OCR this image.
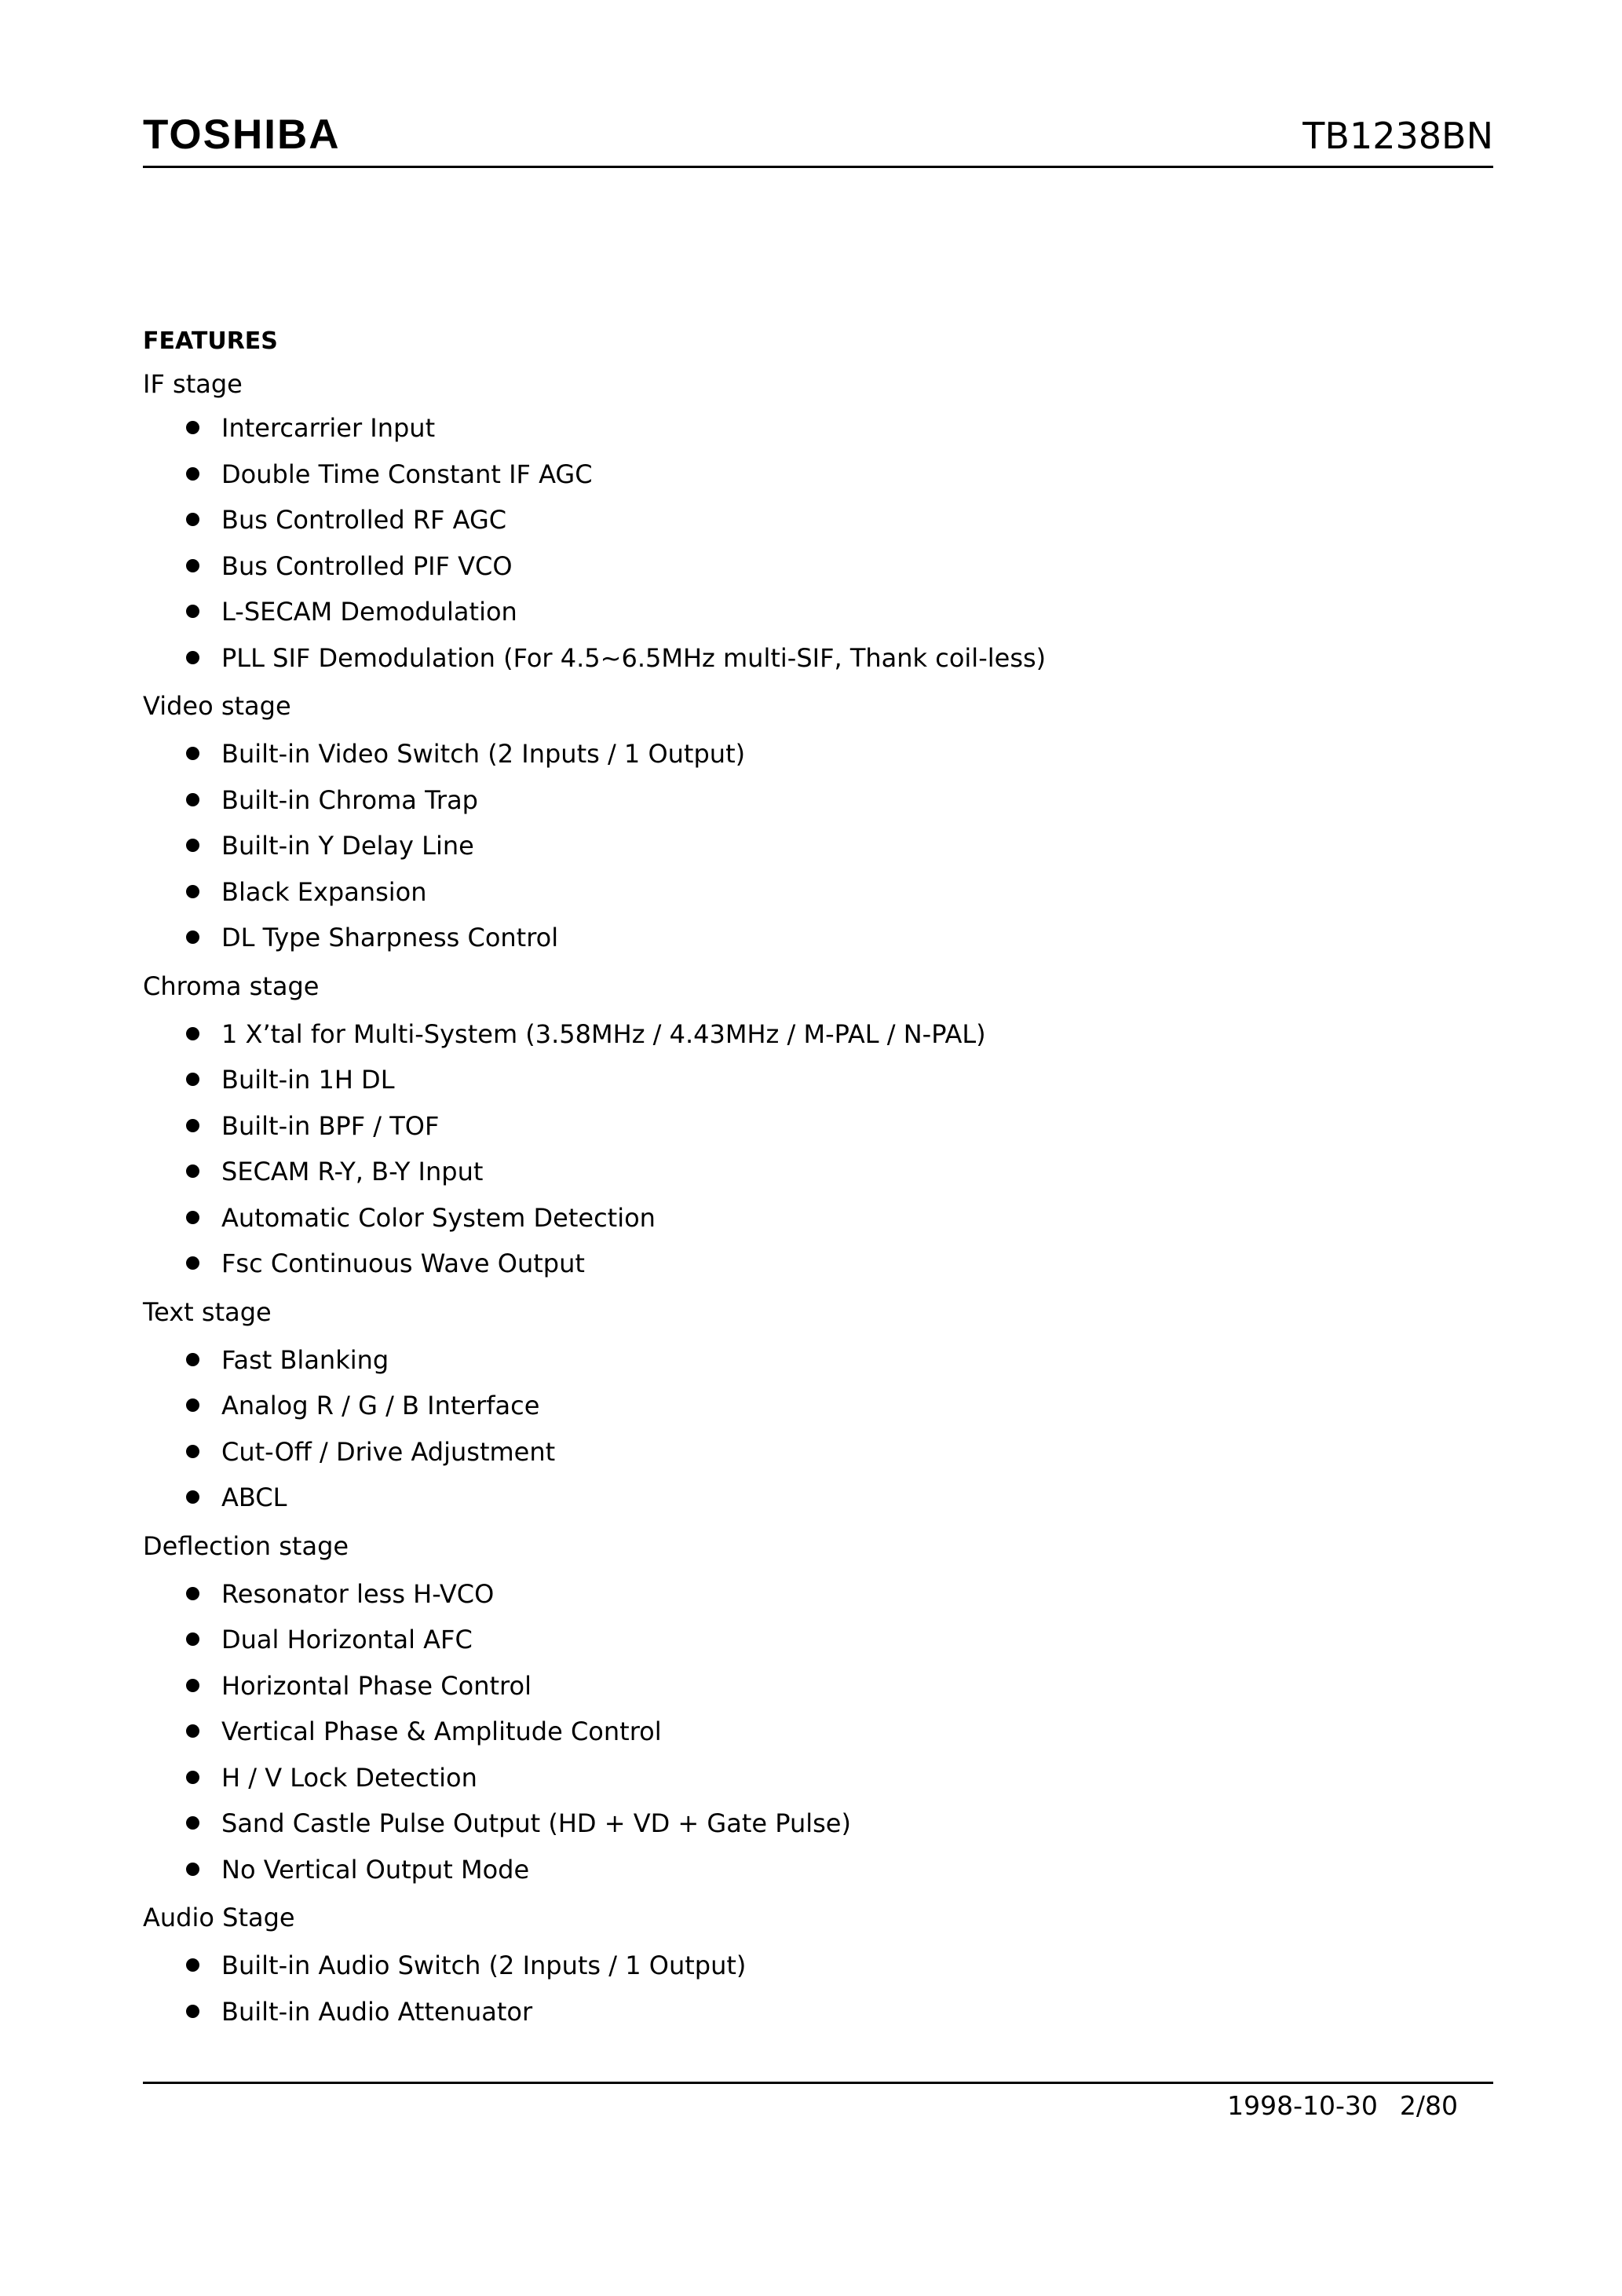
TOSHIBA	TB1238BN
FEATURES
IF stage
Intercarrier Input
Double Time Constant IF AGC
Bus Controlled RF AGC
Bus Controlled PIF VCO
L-SECAM Demodulation
PLL SIF Demodulation (For 4.5~6.5MHz multi-SIF, Thank coil-less)
Video stage
Built-in Video Switch (2 Inputs / 1 Output)
Built-in Chroma Trap
Built-in Y Delay Line
Black Expansion
DL Type Sharpness Control
Chroma stage
1 X’tal for Multi-System (3.58MHz / 4.43MHz / M-PAL / N-PAL)
Built-in 1H DL
Built-in BPF / TOF
SECAM R-Y, B-Y Input
Automatic Color System Detection
Fsc Continuous Wave Output
Text stage
Fast Blanking
Analog R / G / B Interface
Cut-Off / Drive Adjustment
ABCL
Deflection stage
Resonator less H-VCO
Dual Horizontal AFC
Horizontal Phase Control
Vertical Phase & Amplitude Control
H / V Lock Detection
Sand Castle Pulse Output (HD + VD + Gate Pulse)
No Vertical Output Mode
Audio Stage
Built-in Audio Switch (2 Inputs / 1 Output)
Built-in Audio Attenuator
1998-10-30 2/80
